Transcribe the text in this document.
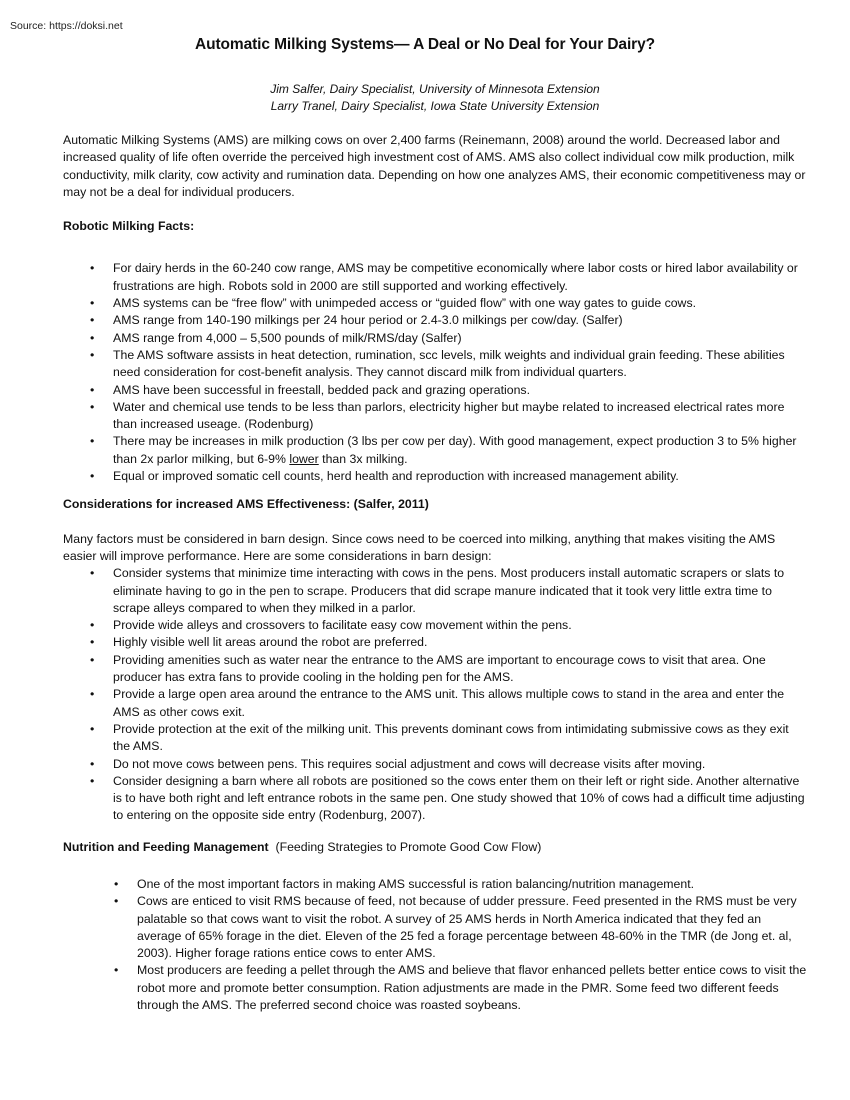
Source: https://doksi.net
Automatic Milking Systems— A Deal or No Deal for Your Dairy?
Jim Salfer, Dairy Specialist, University of Minnesota Extension
Larry Tranel, Dairy Specialist, Iowa State University Extension

Automatic Milking Systems (AMS) are milking cows on over 2,400 farms (Reinemann, 2008) around the world. Decreased labor and increased quality of life often override the perceived high investment cost of AMS. AMS also collect individual cow milk production, milk conductivity, milk clarity, cow activity and rumination data. Depending on how one analyzes AMS, their economic competitiveness may or may not be a deal for individual producers.

Robotic Milking Facts:

• For dairy herds in the 60-240 cow range, AMS may be competitive economically where labor costs or hired labor availability or frustrations are high. Robots sold in 2000 are still supported and working effectively.
• AMS systems can be “free flow” with unimpeded access or “guided flow” with one way gates to guide cows.
• AMS range from 140-190 milkings per 24 hour period or 2.4-3.0 milkings per cow/day. (Salfer)
• AMS range from 4,000 – 5,500 pounds of milk/RMS/day (Salfer)
• The AMS software assists in heat detection, rumination, scc levels, milk weights and individual grain feeding. These abilities need consideration for cost-benefit analysis. They cannot discard milk from individual quarters.
• AMS have been successful in freestall, bedded pack and grazing operations.
• Water and chemical use tends to be less than parlors, electricity higher but maybe related to increased electrical rates more than increased useage. (Rodenburg)
• There may be increases in milk production (3 lbs per cow per day). With good management, expect production 3 to 5% higher than 2x parlor milking, but 6-9% lower than 3x milking.
• Equal or improved somatic cell counts, herd health and reproduction with increased management ability.

Considerations for increased AMS Effectiveness: (Salfer, 2011)

Many factors must be considered in barn design. Since cows need to be coerced into milking, anything that makes visiting the AMS easier will improve performance. Here are some considerations in barn design:

• Consider systems that minimize time interacting with cows in the pens. Most producers install automatic scrapers or slats to eliminate having to go in the pen to scrape. Producers that did scrape manure indicated that it took very little extra time to scrape alleys compared to when they milked in a parlor.
• Provide wide alleys and crossovers to facilitate easy cow movement within the pens.
• Highly visible well lit areas around the robot are preferred.
• Providing amenities such as water near the entrance to the AMS are important to encourage cows to visit that area. One producer has extra fans to provide cooling in the holding pen for the AMS.
• Provide a large open area around the entrance to the AMS unit. This allows multiple cows to stand in the area and enter the AMS as other cows exit.
• Provide protection at the exit of the milking unit. This prevents dominant cows from intimidating submissive cows as they exit the AMS.
• Do not move cows between pens. This requires social adjustment and cows will decrease visits after moving.
• Consider designing a barn where all robots are positioned so the cows enter them on their left or right side. Another alternative is to have both right and left entrance robots in the same pen. One study showed that 10% of cows had a difficult time adjusting to entering on the opposite side entry (Rodenburg, 2007).

Nutrition and Feeding Management (Feeding Strategies to Promote Good Cow Flow)

• One of the most important factors in making AMS successful is ration balancing/nutrition management.
• Cows are enticed to visit RMS because of feed, not because of udder pressure. Feed presented in the RMS must be very palatable so that cows want to visit the robot. A survey of 25 AMS herds in North America indicated that they fed an average of 65% forage in the diet. Eleven of the 25 fed a forage percentage between 48-60% in the TMR (de Jong et. al, 2003). Higher forage rations entice cows to enter AMS.
• Most producers are feeding a pellet through the AMS and believe that flavor enhanced pellets better entice cows to visit the robot more and promote better consumption. Ration adjustments are made in the PMR. Some feed two different feeds through the AMS. The preferred second choice was roasted soybeans.
